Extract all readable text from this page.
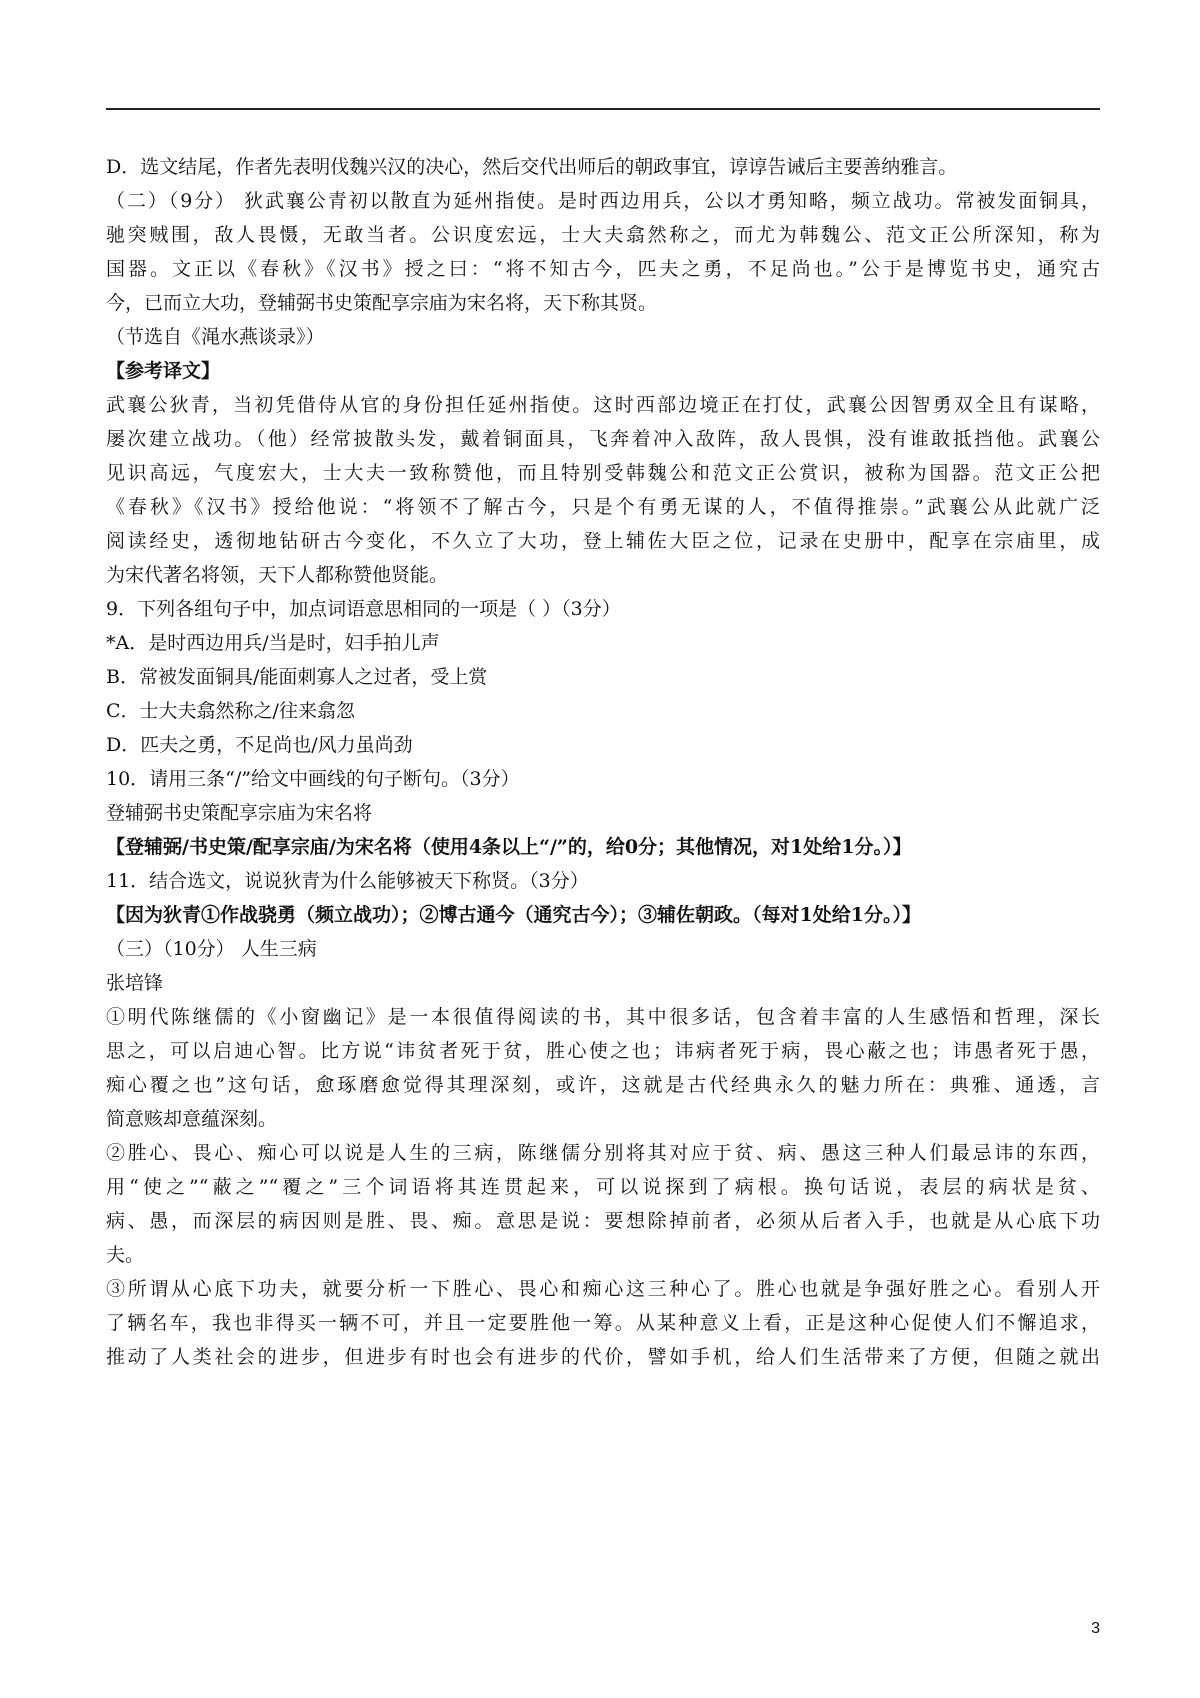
D．选文结尾，作者先表明伐魏兴汉的决心，然后交代出师后的朝政事宜，谆谆告诫后主要善纳雅言。

（二）（9分） 狄武襄公青初以散直为延州指使。是时西边用兵，公以才勇知略，频立战功。常被发面铜具，

驰突贼围，敌人畏慑，无敢当者。公识度宏远，士大夫翕然称之，而尤为韩魏公、范文正公所深知，称为

国器。文正以《春秋》《汉书》授之曰：“将不知古今，匹夫之勇，不足尚也。”公于是博览书史，通究古

今，已而立大功，登辅弼书史策配享宗庙为宋名将，天下称其贤。

（节选自《渑水燕谈录》）

【参考译文】

武襄公狄青，当初凭借侍从官的身份担任延州指使。这时西部边境正在打仗，武襄公因智勇双全且有谋略，

屡次建立战功。（他）经常披散头发，戴着铜面具，飞奔着冲入敌阵，敌人畏惧，没有谁敢抵挡他。武襄公

见识高远，气度宏大，士大夫一致称赞他，而且特别受韩魏公和范文正公赏识，被称为国器。范文正公把

《春秋》《汉书》授给他说：“将领不了解古今，只是个有勇无谋的人，不值得推崇。”武襄公从此就广泛

阅读经史，透彻地钻研古今变化，不久立了大功，登上辅佐大臣之位，记录在史册中，配享在宗庙里，成

为宋代著名将领，天下人都称赞他贤能。

9．下列各组句子中，加点词语意思相同的一项是（ ）（3分）

*A．是时西边用兵/当是时，妇手拍儿声

B．常被发面铜具/能面刺寡人之过者，受上赏

C．士大夫翕然称之/往来翕忽

D．匹夫之勇，不足尚也/风力虽尚劲

10．请用三条“/”给文中画线的句子断句。（3分）

登辅弼书史策配享宗庙为宋名将

【登辅弼/书史策/配享宗庙/为宋名将（使用4条以上“/”的，给0分；其他情况，对1处给1分。）】

11．结合选文，说说狄青为什么能够被天下称贤。（3分）

【因为狄青①作战骁勇（频立战功）；②博古通今（通究古今）；③辅佐朝政。（每对1处给1分。）】

（三）（10分） 人生三病

张培锋

①明代陈继儒的《小窗幽记》是一本很值得阅读的书，其中很多话，包含着丰富的人生感悟和哲理，深长

思之，可以启迪心智。比方说“讳贫者死于贫，胜心使之也；讳病者死于病，畏心蔽之也；讳愚者死于愚，

痴心覆之也”这句话，愈琢磨愈觉得其理深刻，或许，这就是古代经典永久的魅力所在：典雅、通透，言

简意赅却意蕴深刻。

②胜心、畏心、痴心可以说是人生的三病，陈继儒分别将其对应于贫、病、愚这三种人们最忌讳的东西，

用“使之”“蔽之”“覆之”三个词语将其连贯起来，可以说探到了病根。换句话说，表层的病状是贫、

病、愚，而深层的病因则是胜、畏、痴。意思是说：要想除掉前者，必须从后者入手，也就是从心底下功

夫。

③所谓从心底下功夫，就要分析一下胜心、畏心和痴心这三种心了。胜心也就是争强好胜之心。看别人开

了辆名车，我也非得买一辆不可，并且一定要胜他一筹。从某种意义上看，正是这种心促使人们不懈追求，

推动了人类社会的进步，但进步有时也会有进步的代价，譬如手机，给人们生活带来了方便，但随之就出

3
